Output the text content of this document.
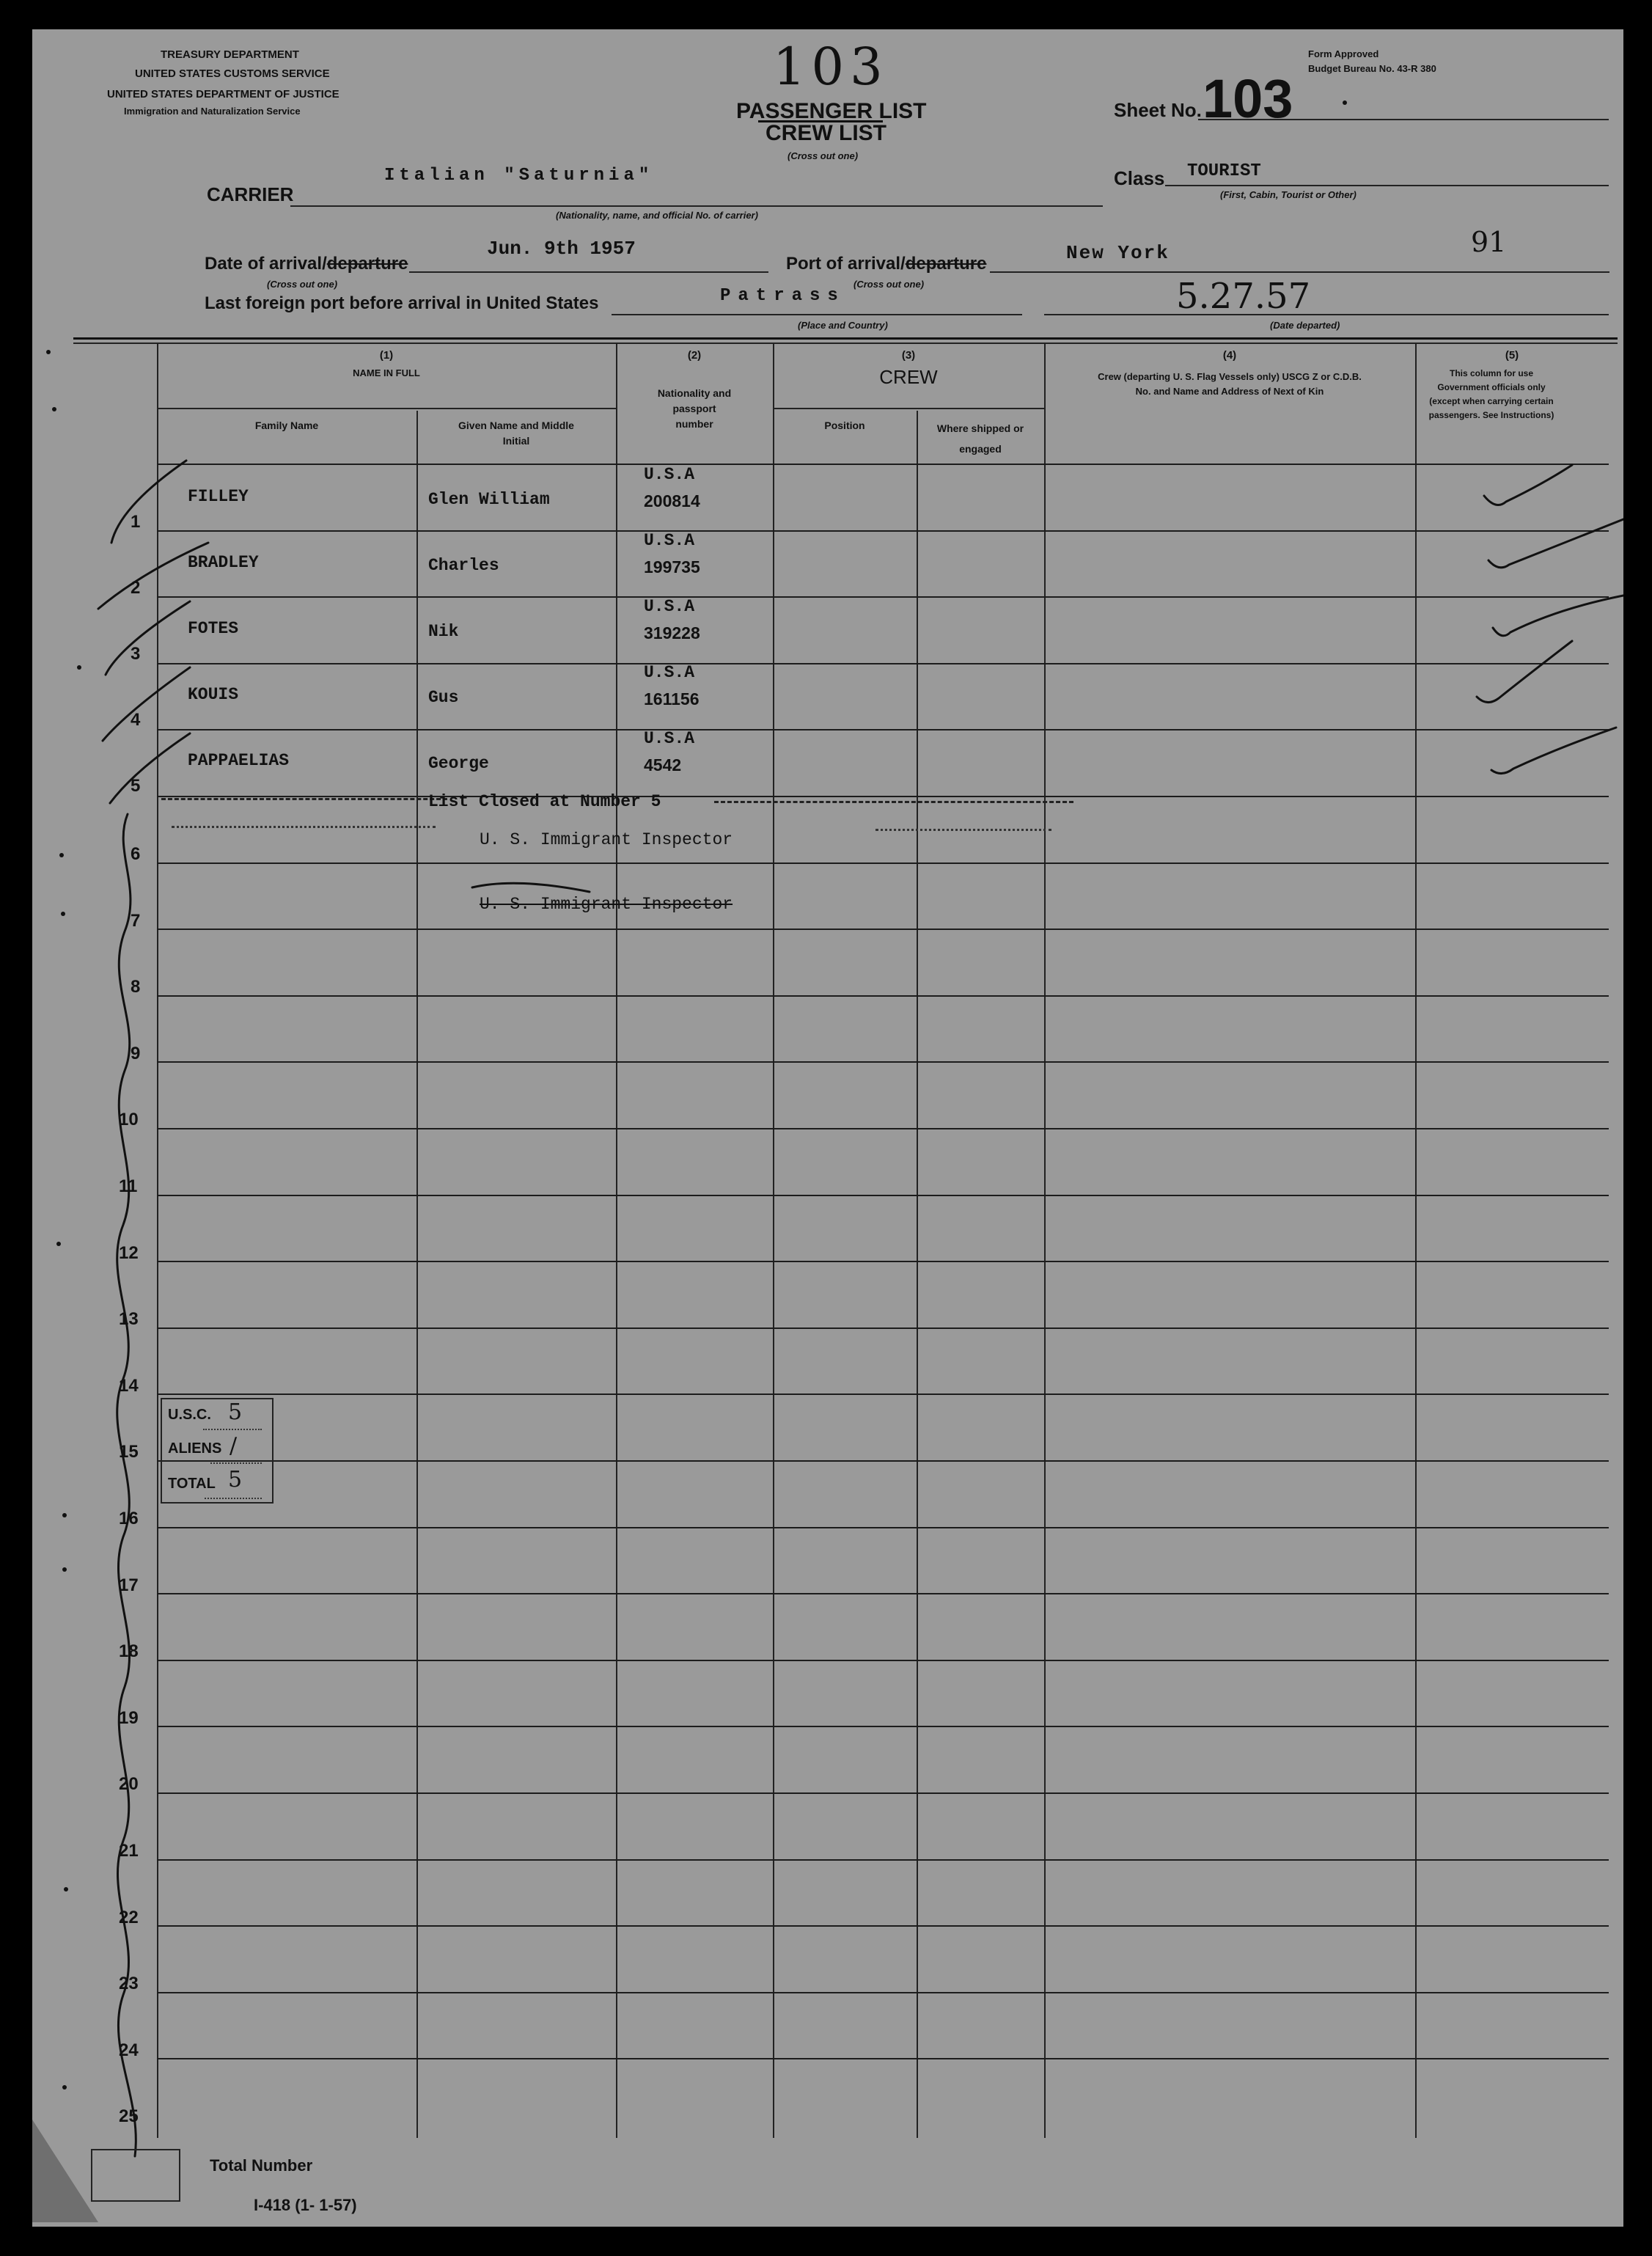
TREASURY DEPARTMENT
UNITED STATES CUSTOMS SERVICE
UNITED STATES DEPARTMENT OF JUSTICE
Immigration and Naturalization Service
Form Approved
Budget Bureau No. 43-R 380
103
PASSENGER LIST
CREW LIST
(Cross out one)
Sheet No. 103
CARRIER
Italian "Saturnia"
(Nationality, name, and official No. of carrier)
Class TOURIST
(First, Cabin, Tourist or Other)
91
Date of arrival/departure
Jun. 9th 1957
(Cross out one)
Port of arrival/departure	New York
(Cross out one)
Last foreign port before arrival in United States	Patrass
(Place and Country)
5.27.57
(Date departed)
(1)
NAME IN FULL
Family Name	Given Name and Middle Initial
(2)
Nationality and passport number
(3)
CREW
Position	Where shipped or engaged
(4)
Crew (departing U. S. Flag Vessels only) USCG Z or C.D.B. No. and Name and Address of Next of Kin
(5)
This column for use Government officials only (except when carrying certain passengers. See Instructions)
1
FILLEY	Glen William
U.S.A
200814
2
BRADLEY	Charles
U.S.A
199735
3
FOTES	Nik
U.S.A
319228
4
KOUIS	Gus
U.S.A
161156
5
PAPPAELIAS	George
U.S.A
4542
6
7
8
9
10
11
12
13
14
15
16
17
18
19
20
21
22
23
24
25
List Closed at Number 5
U. S. Immigrant Inspector
U. S. Immigrant Inspector
U.S.C. 5
ALIENS /
TOTAL 5
Total Number
I-418 (1- 1-57)
